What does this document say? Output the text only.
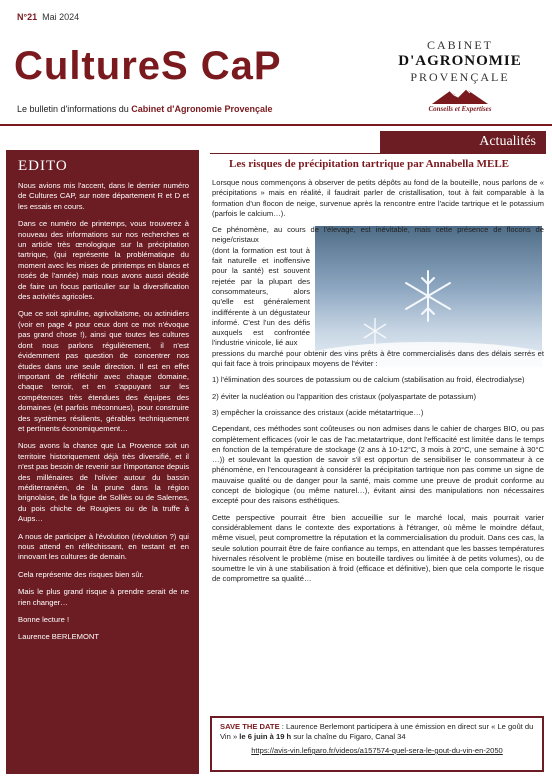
N°21 Mai 2024
CultureS CaP
Le bulletin d'informations du Cabinet d'Agronomie Provençale
CABINET
D'AGRONOMIE
PROVENÇALE
Conseils et Expertises
EDITO

Nous avions mis l'accent, dans le dernier numéro de Cultures CAP, sur notre département R et D et les essais en cours.

Dans ce numéro de printemps, vous trouverez à nouveau des informations sur nos recherches et un article très œnologique sur la précipitation tartrique, (qui représente la problématique du moment avec les mises de printemps en blancs et rosés de l'année) mais nous avons aussi décidé de faire un focus particulier sur la diversification des activités agricoles.

Que ce soit spiruline, agrivoltaïsme, ou actinidiers (voir en page 4 pour ceux dont ce mot n'évoque pas grand chose !), ainsi que toutes les cultures dont nous parlons régulièrement, il n'est évidemment pas question de concentrer nos études dans une seule direction. Il est en effet important de réfléchir avec chaque domaine, chaque terroir, et en s'appuyant sur les compétences très étendues des équipes des domaines (et parfois méconnues), pour construire des systèmes résilients, gérables techniquement et pertinents économiquement…

Nous avons la chance que La Provence soit un territoire historiquement déjà très diversifié, et il n'est pas besoin de revenir sur l'importance depuis des millénaires de l'olivier autour du bassin méditerranéen, de la prune dans la région brignolaise, de la figue de Solliès ou de Salernes, du pois chiche de Rougiers ou de la truffe à Aups…

A nous de participer à l'évolution (révolution ?) qui nous attend en réfléchissant, en testant et en innovant les cultures de demain.

Cela représente des risques bien sûr.

Mais le plus grand risque à prendre serait de ne rien changer…

Bonne lecture !

Laurence BERLEMONT

Actualités
Les risques de précipitation tartrique par Annabella MELE

Lorsque nous commençons à observer de petits dépôts au fond de la bouteille, nous parlons de « précipitations » mais en réalité, il faudrait parler de cristallisation, tout à fait comparable à la formation d'un flocon de neige, survenue après la rencontre entre l'acide tartrique et le potassium (parfois le calcium…).

Ce phénomène, au cours de l'élevage, est inévitable, mais cette présence de flocons de neige/cristaux

(dont la formation est tout à fait naturelle et inoffensive pour la santé) est souvent rejetée par la plupart des consommateurs, alors qu'elle est généralement indifférente à un dégustateur informé. C'est l'un des défis auxquels est confrontée l'industrie vinicole, lié aux

pressions du marché pour obtenir des vins prêts à être commercialisés dans des délais serrés et qui fait face à trois principaux moyens de l'éviter :

1) l'élimination des sources de potassium ou de calcium (stabilisation au froid, électrodialyse)

2) éviter la nucléation ou l'apparition des cristaux (polyaspartate de potassium)

3) empêcher la croissance des cristaux (acide métatartrique…)

Cependant, ces méthodes sont coûteuses ou non admises dans le cahier de charges BIO, ou pas complètement efficaces (voir le cas de l'ac.metatartrique, dont l'efficacité est limitée dans le temps en fonction de la température de stockage (2 ans à 10-12°C, 3 mois à 20°C, une semaine à 30°C …)) et soulevant la question de savoir s'il est opportun de sensibiliser le consommateur à ce phénomène, en l'encourageant à considérer la précipitation tartrique non pas comme un signe de mauvaise qualité ou de danger pour la santé, mais comme une preuve de produit conforme au concept de biologique (ou même naturel…), évitant ainsi des manipulations non nécessaires excepté pour des raisons esthétiques.

Cette perspective pourrait être bien accueillie sur le marché local, mais pourrait varier considérablement dans le contexte des exportations à l'étranger, où même le moindre défaut, même visuel, peut compromettre la réputation et la commercialisation du produit. Dans ces cas, la seule solution pourrait être de faire confiance au temps, en attendant que les basses températures hivernales résolvent le problème (mise en bouteille tardives ou limitée à de petits volumes), ou de soumettre le vin à une stabilisation à froid (efficace et définitive), bien que cela comporte le risque de compromettre sa qualité…

SAVE THE DATE : Laurence Berlemont participera à une émission en direct sur « Le goût du Vin » le 6 juin à 19 h sur la chaîne du Figaro, Canal 34
https://avis-vin.lefigaro.fr/videos/a157574-quel-sera-le-gout-du-vin-en-2050
